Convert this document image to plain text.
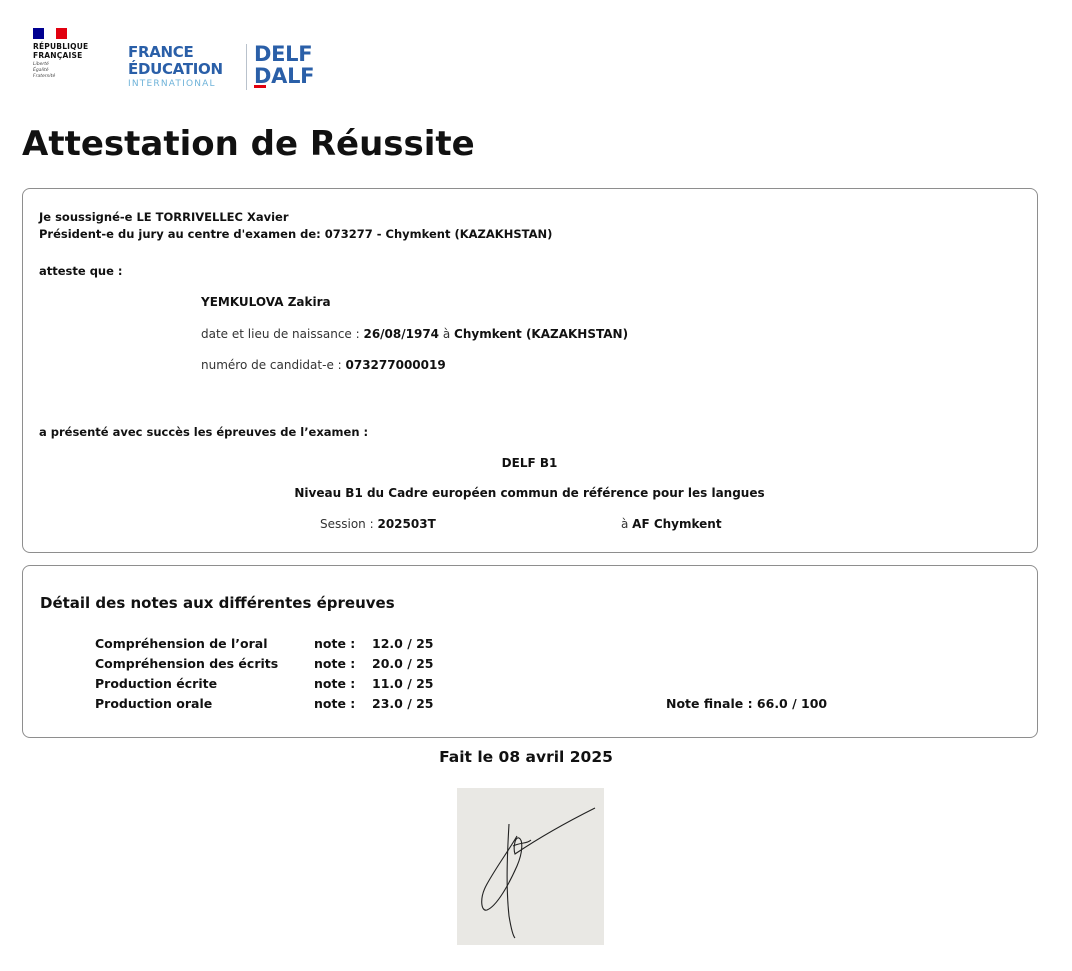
RÉPUBLIQUE
FRANÇAISE
Liberté
Égalité
Fraternité
FRANCE
ÉDUCATION
INTERNATIONAL
DELF
DALF
Attestation de Réussite
Je soussigné-e LE TORRIVELLEC Xavier
Président-e du jury au centre d'examen de: 073277 - Chymkent (KAZAKHSTAN)
atteste que :
YEMKULOVA Zakira
date et lieu de naissance : 26/08/1974 à Chymkent (KAZAKHSTAN)
numéro de candidat-e : 073277000019
a présenté avec succès les épreuves de l’examen :
DELF B1
Niveau B1 du Cadre européen commun de référence pour les langues
Session : 202503T	à AF Chymkent
Détail des notes aux différentes épreuves
Compréhension de l’oral	note : 12.0 / 25
Compréhension des écrits	note : 20.0 / 25
Production écrite	note : 11.0 / 25
Production orale	note : 23.0 / 25	Note finale : 66.0 / 100
Fait le 08 avril 2025
